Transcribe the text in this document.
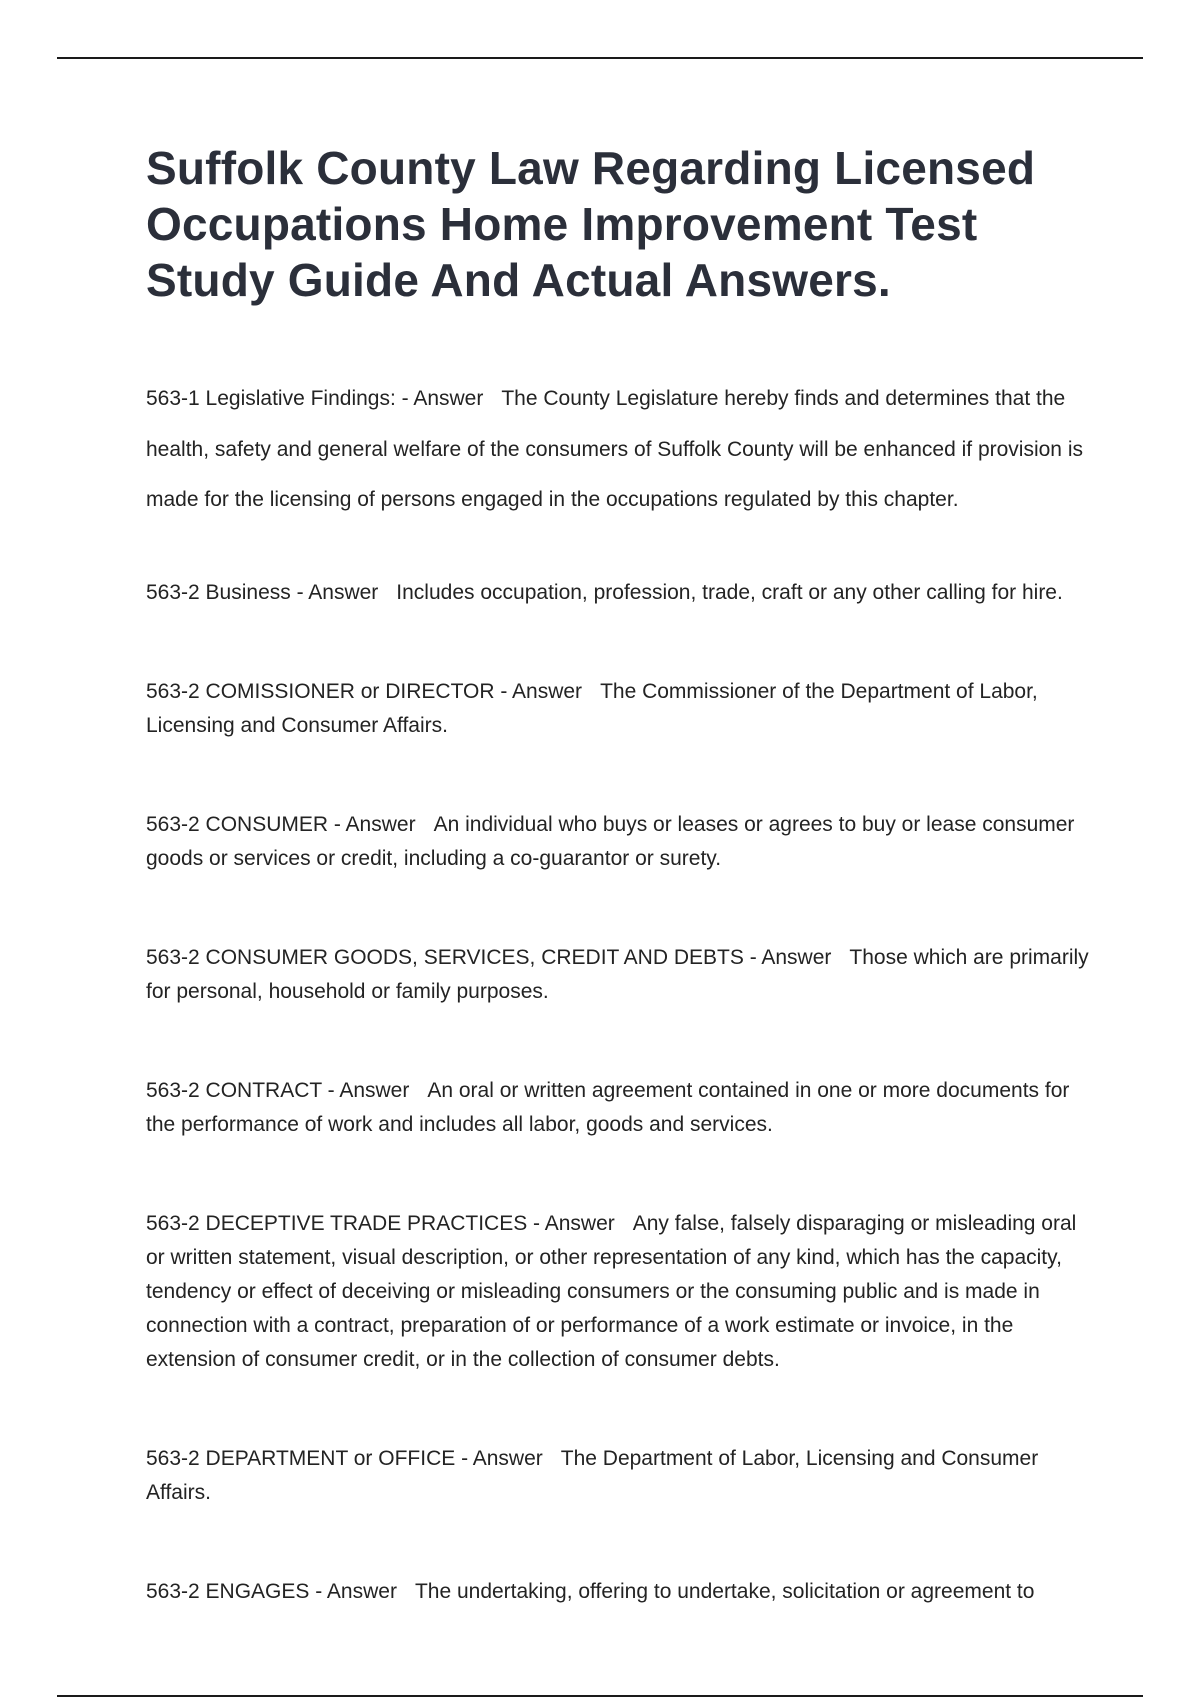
Suffolk County Law Regarding Licensed Occupations Home Improvement Test Study Guide And Actual Answers.

563-1 Legislative Findings: - Answer The County Legislature hereby finds and determines that the health, safety and general welfare of the consumers of Suffolk County will be enhanced if provision is made for the licensing of persons engaged in the occupations regulated by this chapter.

563-2 Business - Answer Includes occupation, profession, trade, craft or any other calling for hire.

563-2 COMISSIONER or DIRECTOR - Answer The Commissioner of the Department of Labor, Licensing and Consumer Affairs.

563-2 CONSUMER - Answer An individual who buys or leases or agrees to buy or lease consumer goods or services or credit, including a co-guarantor or surety.

563-2 CONSUMER GOODS, SERVICES, CREDIT AND DEBTS - Answer Those which are primarily for personal, household or family purposes.

563-2 CONTRACT - Answer An oral or written agreement contained in one or more documents for the performance of work and includes all labor, goods and services.

563-2 DECEPTIVE TRADE PRACTICES - Answer Any false, falsely disparaging or misleading oral or written statement, visual description, or other representation of any kind, which has the capacity, tendency or effect of deceiving or misleading consumers or the consuming public and is made in connection with a contract, preparation of or performance of a work estimate or invoice, in the extension of consumer credit, or in the collection of consumer debts.

563-2 DEPARTMENT or OFFICE - Answer The Department of Labor, Licensing and Consumer Affairs.

563-2 ENGAGES - Answer The undertaking, offering to undertake, solicitation or agreement to
